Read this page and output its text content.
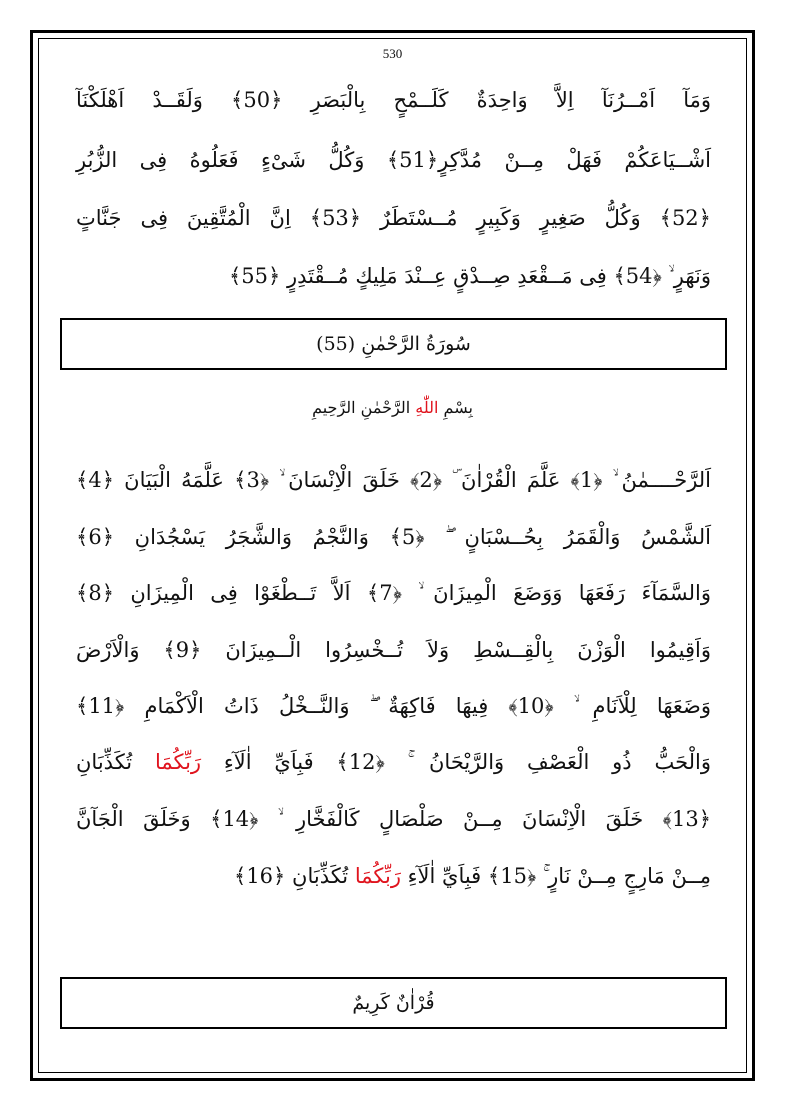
530
وَمَآ اَمْــرُنَآ اِلاَّ وَاحِدَةٌ كَلَــمْحٍ بِالْبَصَرِ ﴿50﴾ وَلَقَــدْ اَهْلَكْنَآ
اَشْــيَاعَكُمْ فَهَلْ مِــنْ مُدَّكِرٍ﴿51﴾ وَكُلُّ شَىْءٍ فَعَلُوهُ فِى الزُّبُرِ
﴿52﴾ وَكُلُّ صَغِيرٍ وَكَبِيرٍ مُــسْتَطَرٌ ﴿53﴾ اِنَّ الْمُتَّقِينَ فِى جَنَّاتٍ
وَنَهَرٍ ۙ ﴿54﴾ فِى مَــقْعَدِ صِــدْقٍ عِــنْدَ مَلِيكٍ مُــقْتَدِرٍ ﴿55﴾
سُورَةُ الرَّحْمٰنِ (55)
بِسْمِ اللّٰهِ الرَّحْمٰنِ الرَّحِيمِ
اَلرَّحْــــمٰنُ ۙ ﴿1﴾ عَلَّمَ الْقُرْاٰنَ ۜ ﴿2﴾ خَلَقَ الْاِنْسَانَ ۙ ﴿3﴾ عَلَّمَهُ الْبَيَانَ ﴿4﴾
اَلشَّمْسُ وَالْقَمَرُ بِحُــسْبَانٍ ۖ ﴿5﴾ وَالنَّجْمُ وَالشَّجَرُ يَسْجُدَانِ ﴿6﴾
وَالسَّمَآءَ رَفَعَهَا وَوَضَعَ الْمِيزَانَ ۙ ﴿7﴾ اَلاَّ تَــطْغَوْا فِى الْمِيزَانِ ﴿8﴾
وَاَقِيمُوا الْوَزْنَ بِالْقِــسْطِ وَلاَ تُــخْسِرُوا الْــمِيزَانَ ﴿9﴾ وَالْاَرْضَ
وَضَعَهَا لِلْاَنَامِ ۙ ﴿10﴾ فِيهَا فَاكِهَةٌ ۖ وَالنَّــخْلُ ذَاتُ الْاَكْمَامِ ﴿11﴾
وَالْحَبُّ ذُو الْعَصْفِ وَالرَّيْحَانُ ۚ ﴿12﴾ فَبِاَيِّ اٰلَآءِ رَبِّكُمَا تُكَذِّبَانِ
﴿13﴾ خَلَقَ الْاِنْسَانَ مِــنْ صَلْصَالٍ كَالْفَخَّارِ ۙ ﴿14﴾ وَخَلَقَ الْجَآنَّ
مِــنْ مَارِجٍ مِــنْ نَارٍ ۚ ﴿15﴾ فَبِاَيِّ اٰلَآءِ رَبِّكُمَا تُكَذِّبَانِ ﴿16﴾
قُرْاٰنٌ كَرِيمٌ
